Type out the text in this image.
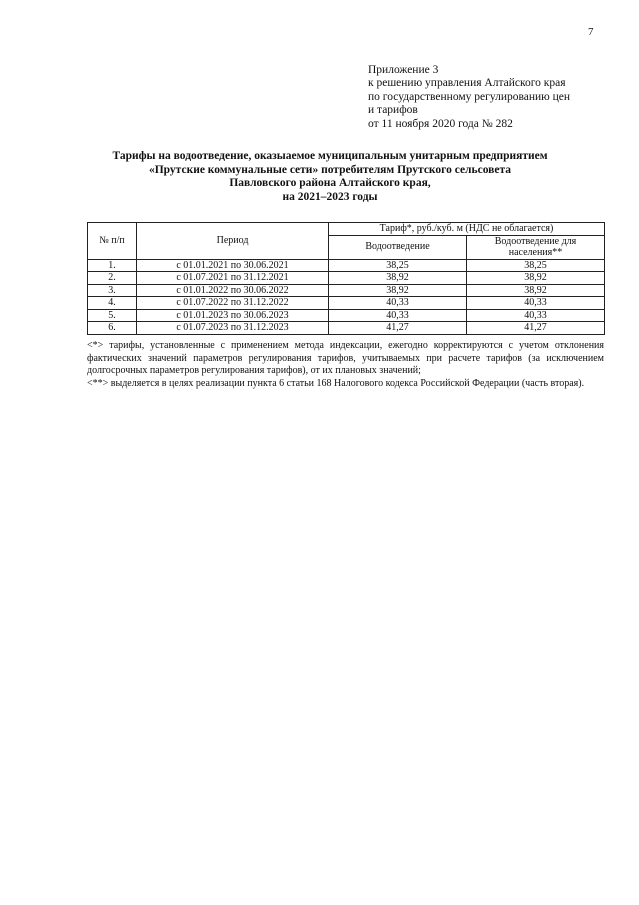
7
Приложение 3
к решению управления Алтайского края
по государственному регулированию цен
и тарифов
от 11 ноября 2020 года № 282
Тарифы на водоотведение, оказыаемое муниципальным унитарным предприятием
«Прутские коммунальные сети» потребителям Прутского сельсовета
Павловского района Алтайского края,
на 2021–2023 годы
№ п/п	Период	Тариф*, руб./куб. м (НДС не облагается)	
		Водоотведение	Водоотведение для населения**
1.	с 01.01.2021 по 30.06.2021	38,25	38,25
2.	с 01.07.2021 по 31.12.2021	38,92	38,92
3.	с 01.01.2022 по 30.06.2022	38,92	38,92
4.	с 01.07.2022 по 31.12.2022	40,33	40,33
5.	с 01.01.2023 по 30.06.2023	40,33	40,33
6.	с 01.07.2023 по 31.12.2023	41,27	41,27

<*> тарифы, установленные с применением метода индексации, ежегодно корректируются с учетом отклонения фактических значений параметров регулирования тарифов, учитываемых при расчете тарифов (за исключением долгосрочных параметров регулирования тарифов), от их плановых значений;

<**> выделяется в целях реализации пункта 6 статьи 168 Налогового кодекса Российской Федерации (часть вторая).
